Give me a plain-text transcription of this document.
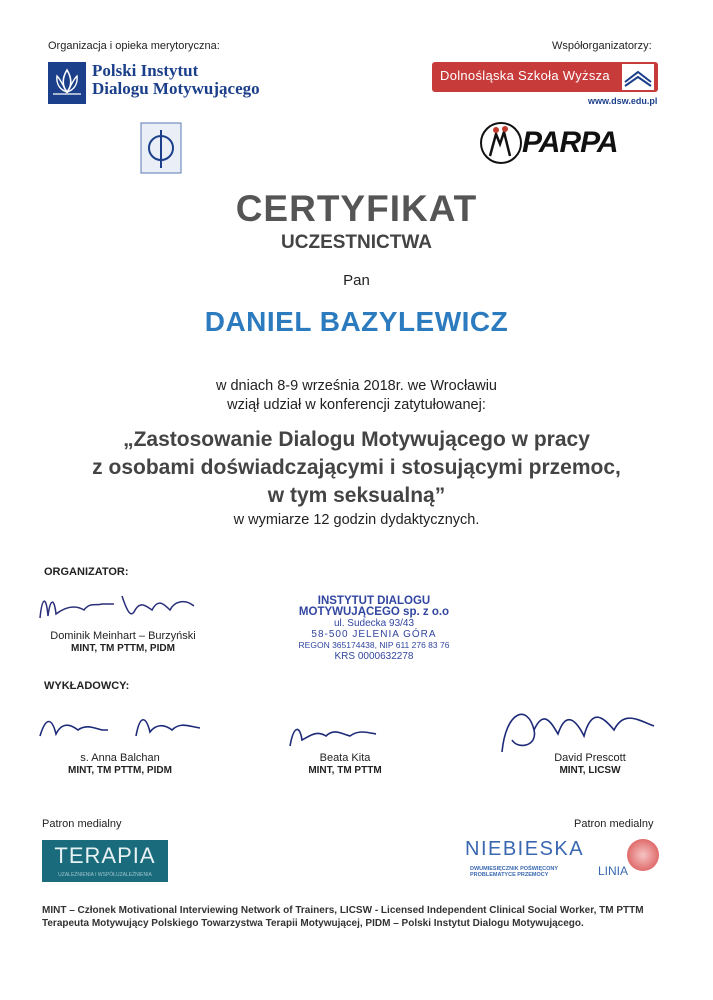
Organizacja i opieka merytoryczna:	Współorganizatorzy:
Polski Instytut
Dialogu Motywującego
Dolnośląska Szkoła Wyższa
www.dsw.edu.pl
PARPA
CERTYFIKAT
UCZESTNICTWA
Pan
DANIEL BAZYLEWICZ
w dniach 8-9 września 2018r. we Wrocławiu
wziął udział w konferencji zatytułowanej:
„Zastosowanie Dialogu Motywującego w pracy
z osobami doświadczającymi i stosującymi przemoc,
w tym seksualną”
w wymiarze 12 godzin dydaktycznych.
ORGANIZATOR:
Dominik Meinhart – Burzyński
MINT, TM PTTM, PIDM
INSTYTUT DIALOGU
MOTYWUJĄCEGO sp. z o.o
ul. Sudecka 93/43
58-500 JELENIA GÓRA
REGON 365174438, NIP 611 276 83 76
KRS 0000632278
WYKŁADOWCY:
s. Anna Balchan
MINT, TM PTTM, PIDM
Beata Kita
MINT, TM PTTM
David Prescott
MINT, LICSW
Patron medialny	Patron medialny
TERAPIA
UZALEŻNIENIA I WSPÓŁUZALEŻNIENIA
NIEBIESKA
DWUMIESIĘCZNIK POŚWIĘCONY PROBLEMATYCE PRZEMOCY	LINIA
MINT – Członek Motivational Interviewing Network of Trainers, LICSW - Licensed Independent Clinical Social Worker, TM PTTM
Terapeuta Motywujący Polskiego Towarzystwa Terapii Motywującej, PIDM – Polski Instytut Dialogu Motywującego.
